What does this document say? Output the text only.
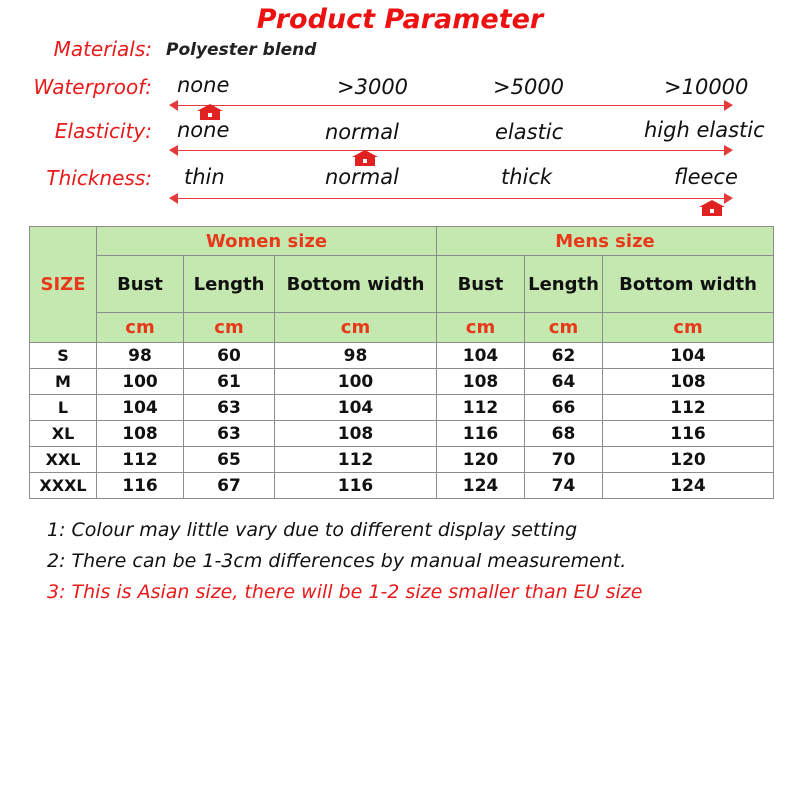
Product Parameter
Materials: Polyester blend
Waterproof: none	>3000	>5000	>10000
Elasticity: none	normal	elastic	high elastic
Thickness: thin	normal	thick	fleece
SIZE	Women size			Mens size		
	Bust	Length	Bottom width	Bust	Length	Bottom width
	cm	cm	cm	cm	cm	cm
S	98	60	98	104	62	104
M	100	61	100	108	64	108
L	104	63	104	112	66	112
XL	108	63	108	116	68	116
XXL	112	65	112	120	70	120
XXXL	116	67	116	124	74	124
1: Colour may little vary due to different display setting
2: There can be 1-3cm differences by manual measurement.
3: This is Asian size, there will be 1-2 size smaller than EU size
